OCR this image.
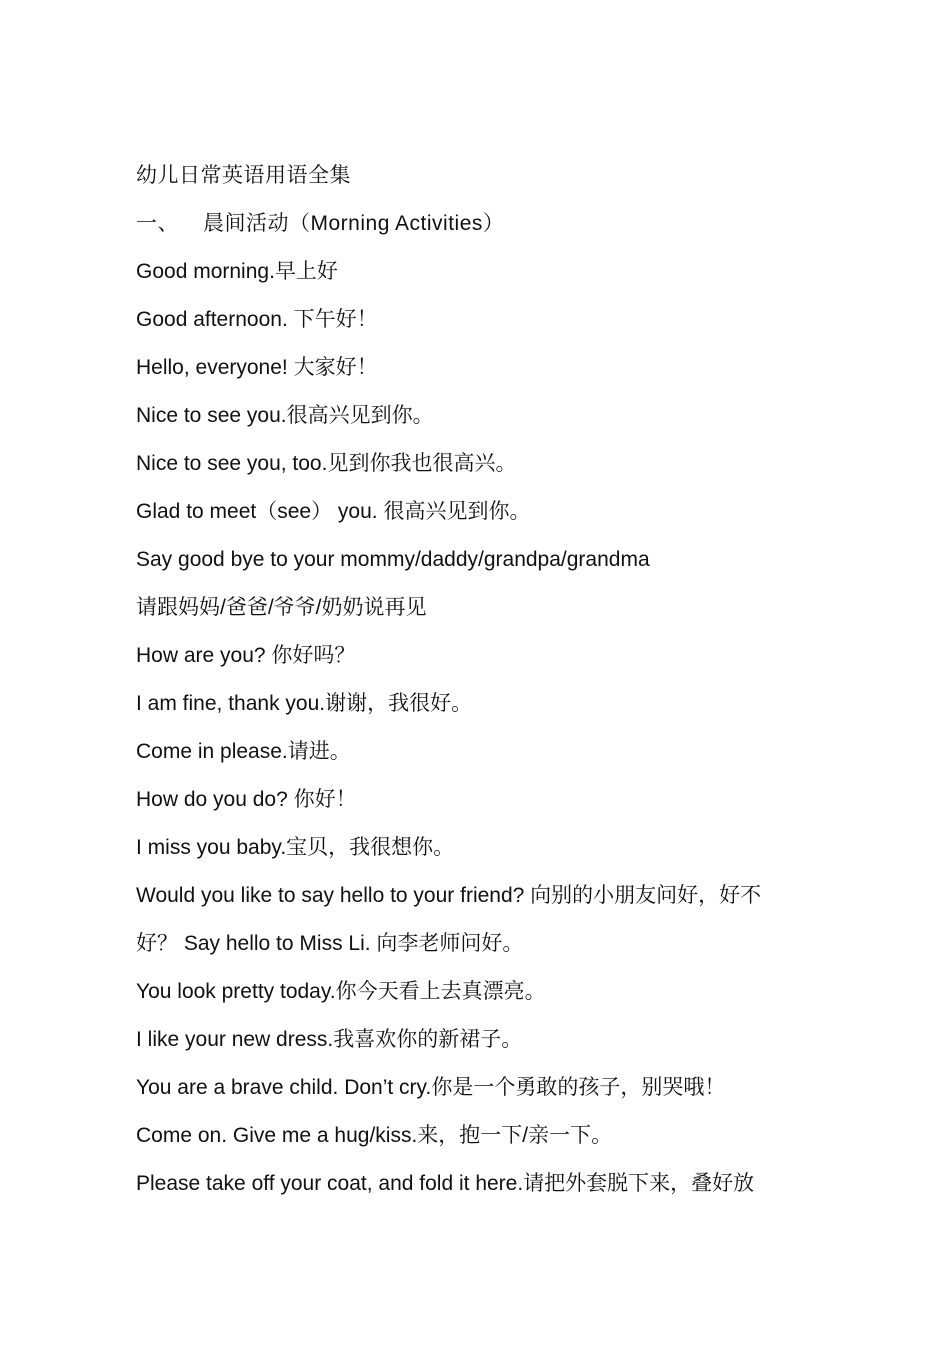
幼儿日常英语用语全集
一、 晨间活动（Morning Activities）
Good morning.早上好
Good afternoon. 下午好！
Hello, everyone! 大家好！
Nice to see you.很高兴见到你。
Nice to see you, too.见到你我也很高兴。
Glad to meet（see） you. 很高兴见到你。
Say good bye to your mommy/daddy/grandpa/grandma
请跟妈妈/爸爸/爷爷/奶奶说再见
How are you? 你好吗？
I am fine, thank you.谢谢，我很好。
Come in please.请进。
How do you do? 你好！
I miss you baby.宝贝，我很想你。
Would you like to say hello to your friend? 向别的小朋友问好，好不
好？ Say hello to Miss Li. 向李老师问好。
You look pretty today.你今天看上去真漂亮。
I like your new dress.我喜欢你的新裙子。
You are a brave child. Don’t cry.你是一个勇敢的孩子，别哭哦！
Come on. Give me a hug/kiss.来，抱一下/亲一下。
Please take off your coat, and fold it here.请把外套脱下来，叠好放
